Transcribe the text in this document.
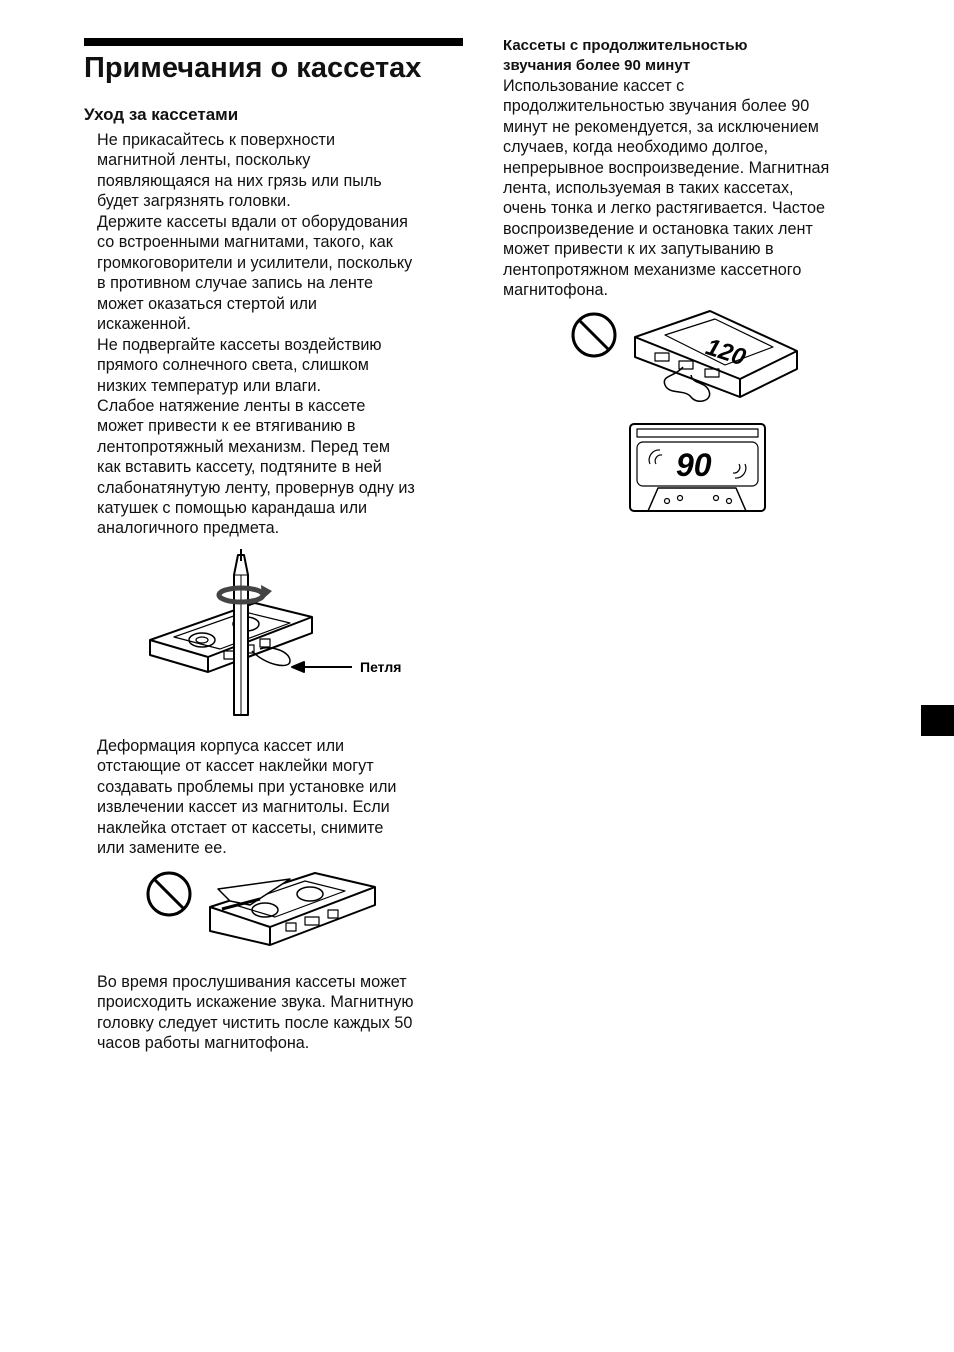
Примечания о кассетах
Уход за кассетами
Не прикасайтесь к поверхности
магнитной ленты, поскольку
появляющаяся на них грязь или пыль
будет загрязнять головки.
Держите кассеты вдали от оборудования
со встроенными магнитами, такого, как
громкоговорители и усилители, поскольку
в противном случае запись на ленте
может оказаться стертой или
искаженной.
Не подвергайте кассеты воздействию
прямого солнечного света, слишком
низких температур или влаги.
Слабое натяжение ленты в кассете
может привести к ее втягиванию в
лентопротяжный механизм. Перед тем
как вставить кассету, подтяните в ней
слабонатянутую ленту, провернув одну из
катушек с помощью карандаша или
аналогичного предмета.
Петля
Деформация корпуса кассет или
отстающие от кассет наклейки могут
создавать проблемы при установке или
извлечении кассет из магнитолы. Если
наклейка отстает от кассеты, снимите
или замените ее.
Во время прослушивания кассеты может
происходить искажение звука. Магнитную
головку следует чистить после каждых 50
часов работы магнитофона.
Кассеты с продолжительностью
звучания более 90 минут
Использование кассет с
продолжительностью звучания более 90
минут не рекомендуется, за исключением
случаев, когда необходимо долгое,
непрерывное воспроизведение. Магнитная
лента, используемая в таких кассетах,
очень тонка и легко растягивается. Частое
воспроизведение и остановка таких лент
может привести к их запутыванию в
лентопротяжном механизме кассетного
магнитофона.
120
90
